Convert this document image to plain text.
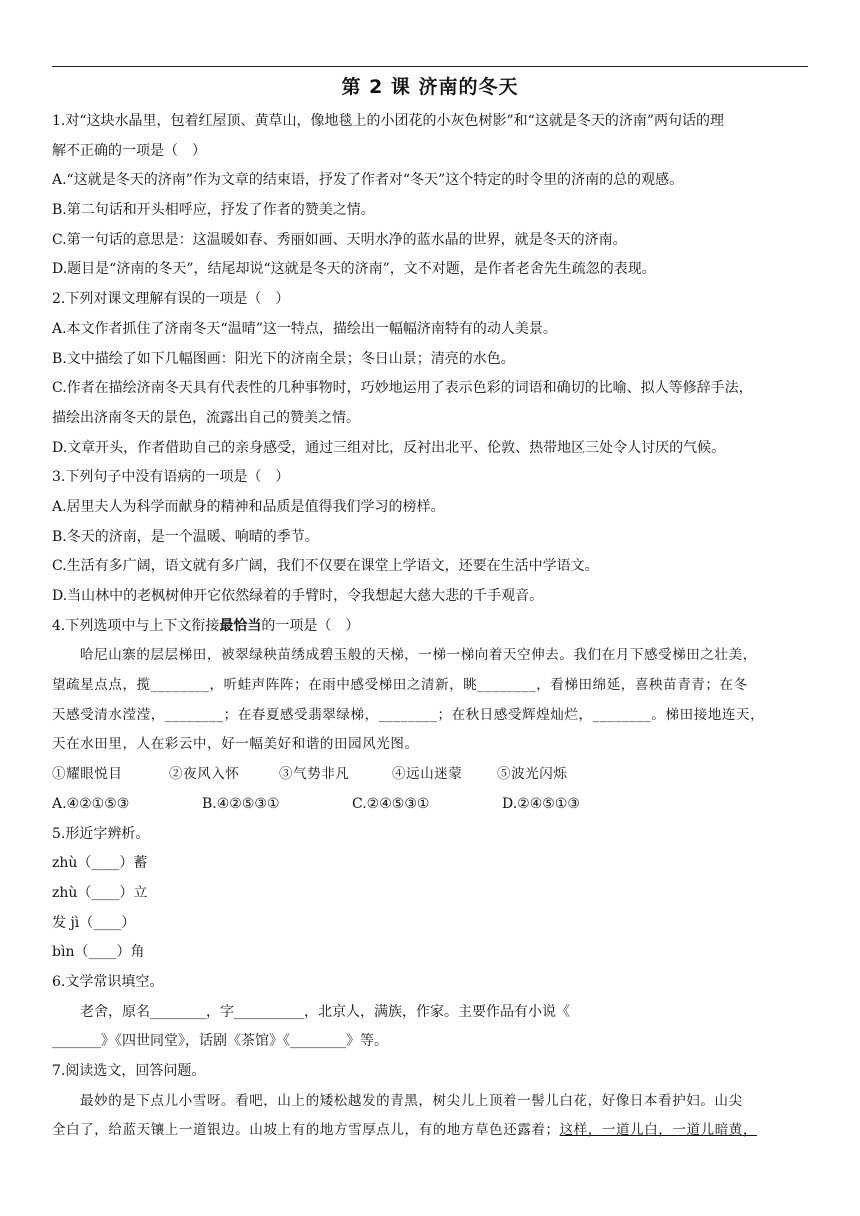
第 2 课 济南的冬天
1.对“这块水晶里，包着红屋顶、黄草山，像地毯上的小团花的小灰色树影”和“这就是冬天的济南”两句话的理
解不正确的一项是（　）
A.“这就是冬天的济南”作为文章的结束语，抒发了作者对“冬天”这个特定的时令里的济南的总的观感。
B.第二句话和开头相呼应，抒发了作者的赞美之情。
C.第一句话的意思是：这温暖如春、秀丽如画、天明水净的蓝水晶的世界，就是冬天的济南。
D.题目是“济南的冬天”，结尾却说“这就是冬天的济南”，文不对题，是作者老舍先生疏忽的表现。
2.下列对课文理解有误的一项是（　）
A.本文作者抓住了济南冬天“温晴”这一特点，描绘出一幅幅济南特有的动人美景。
B.文中描绘了如下几幅图画：阳光下的济南全景；冬日山景；清亮的水色。
C.作者在描绘济南冬天具有代表性的几种事物时，巧妙地运用了表示色彩的词语和确切的比喻、拟人等修辞手法，
描绘出济南冬天的景色，流露出自己的赞美之情。
D.文章开头，作者借助自己的亲身感受，通过三组对比，反衬出北平、伦敦、热带地区三处令人讨厌的气候。
3.下列句子中没有语病的一项是（　）
A.居里夫人为科学而献身的精神和品质是值得我们学习的榜样。
B.冬天的济南，是一个温暖、响晴的季节。
C.生活有多广阔，语文就有多广阔，我们不仅要在课堂上学语文，还要在生活中学语文。
D.当山林中的老枫树伸开它依然绿着的手臂时，令我想起大慈大悲的千手观音。
4.下列选项中与上下文衔接最恰当的一项是（　）
哈尼山寨的层层梯田，被翠绿秧苗绣成碧玉般的天梯，一梯一梯向着天空伸去。我们在月下感受梯田之壮美，
望疏星点点，揽________，听蛙声阵阵；在雨中感受梯田之清新，眺________，看梯田绵延，喜秧苗青青；在冬
天感受清水滢滢，________；在春夏感受翡翠绿梯，________；在秋日感受辉煌灿烂，________。梯田接地连天，
天在水田里，人在彩云中，好一幅美好和谐的田园风光图。
①耀眼悦目	②夜风入怀	③气势非凡	④远山迷蒙	⑤波光闪烁
A.④②①⑤③	B.④②⑤③①	C.②④⑤③①	D.②④⑤①③
5.形近字辨析。
zhù（____）蓄
zhù（____）立
发 jì（____）
bìn（____）角
6.文学常识填空。
老舍，原名________，字__________，北京人，满族，作家。主要作品有小说《
_______》《四世同堂》，话剧《茶馆》《________》等。
7.阅读选文，回答问题。
最妙的是下点儿小雪呀。看吧，山上的矮松越发的青黑，树尖儿上顶着一髻儿白花，好像日本看护妇。山尖
全白了，给蓝天镶上一道银边。山坡上有的地方雪厚点儿，有的地方草色还露着；这样，一道儿白，一道儿暗黄，
